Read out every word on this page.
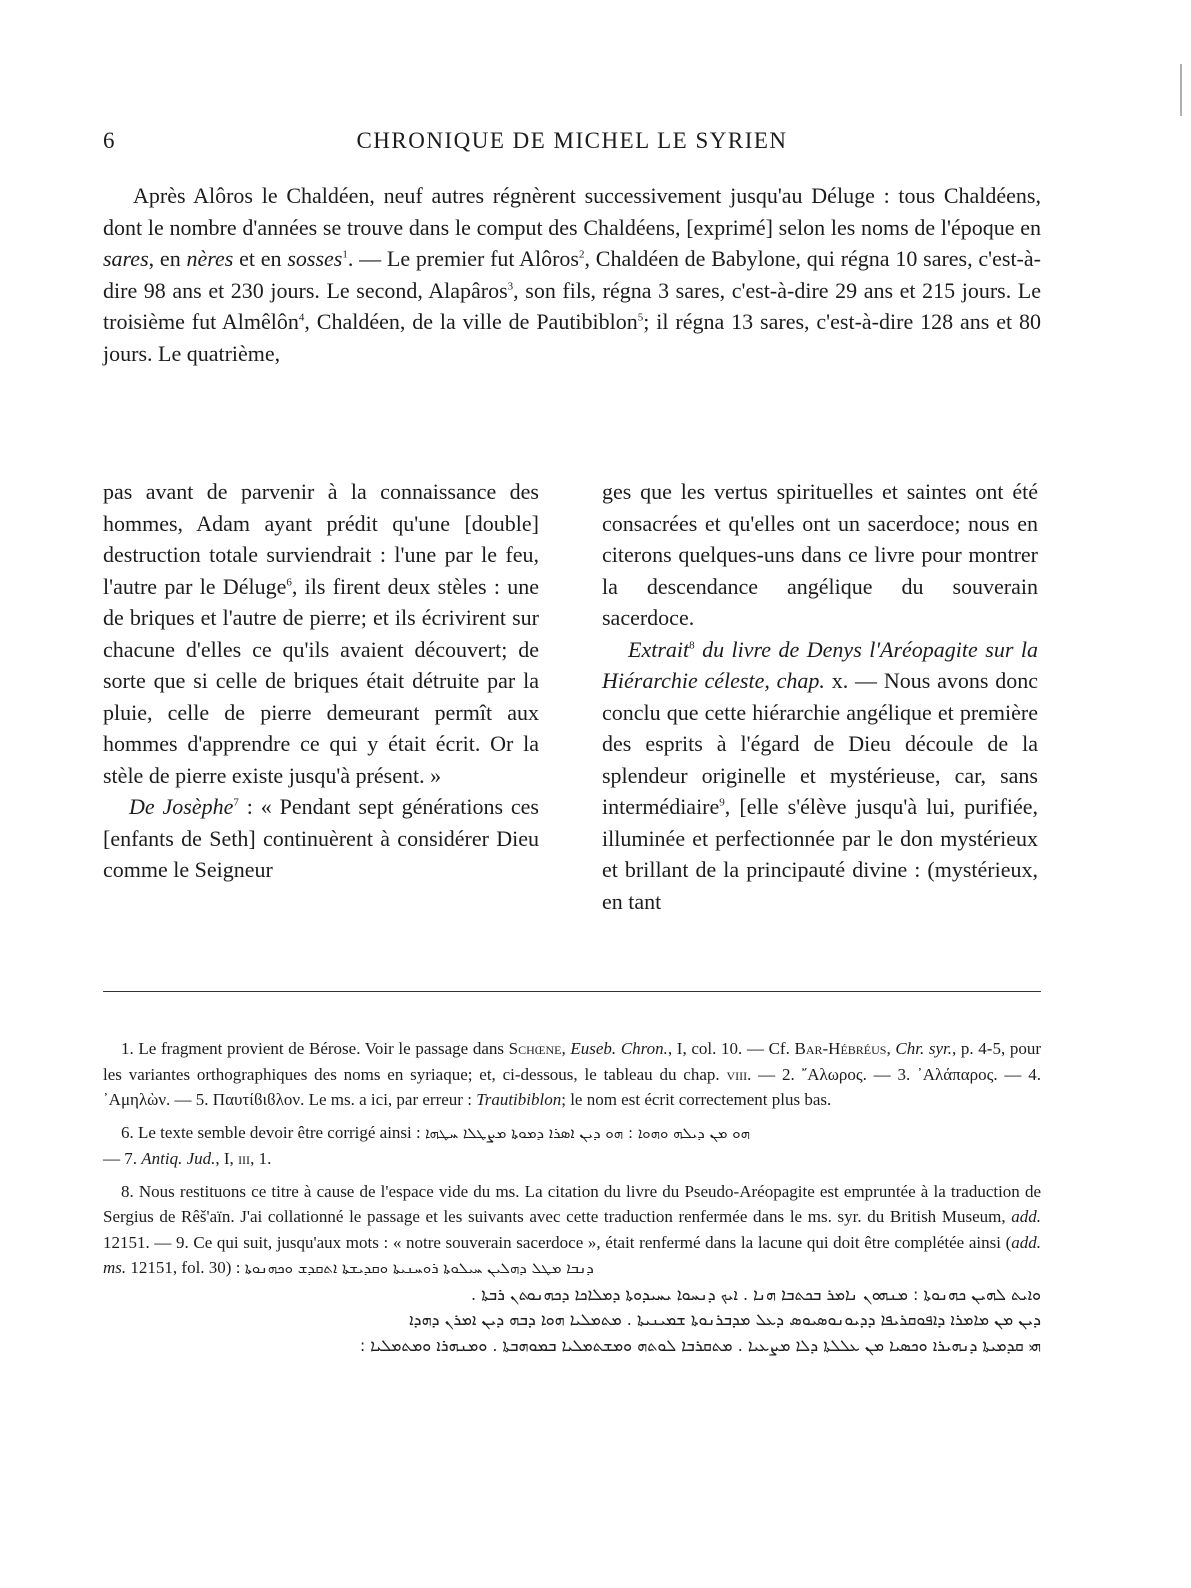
6	CHRONIQUE DE MICHEL LE SYRIEN

Après Alôros le Chaldéen, neuf autres régnèrent successivement jusqu'au Déluge : tous Chaldéens, dont le nombre d'années se trouve dans le comput des Chaldéens, [exprimé] selon les noms de l'époque en sares, en nères et en sosses$^1$. — Le premier fut Alôros$^2$, Chaldéen de Babylone, qui régna 10 sares, c'est-à-dire 98 ans et 230 jours. Le second, Alapâros$^3$, son fils, régna 3 sares, c'est-à-dire 29 ans et 215 jours. Le troisième fut Almêlôn$^4$, Chaldéen, de la ville de Pautibiblon$^5$; il régna 13 sares, c'est-à-dire 128 ans et 80 jours. Le quatrième,

pas avant de parvenir à la connaissance des hommes, Adam ayant prédit qu'une [double] destruction totale surviendrait : l'une par le feu, l'autre par le Déluge$^6$, ils firent deux stèles : une de briques et l'autre de pierre; et ils écrivirent sur chacune d'elles ce qu'ils avaient découvert; de sorte que si celle de briques était détruite par la pluie, celle de pierre demeurant permît aux hommes d'apprendre ce qui y était écrit. Or la stèle de pierre existe jusqu'à présent. »

De Josèphe$^7$ : « Pendant sept générations ces [enfants de Seth] continuèrent à considérer Dieu comme le Seigneur

ges que les vertus spirituelles et saintes ont été consacrées et qu'elles ont un sacerdoce; nous en citerons quelques-uns dans ce livre pour montrer la descendance angélique du souverain sacerdoce.

Extrait$^8$ du livre de Denys l'Aréopagite sur la Hiérarchie céleste, chap. x. — Nous avons donc conclu que cette hiérarchie angélique et première des esprits à l'égard de Dieu découle de la splendeur originelle et mystérieuse, car, sans intermédiaire$^9$, [elle s'élève jusqu'à lui, purifiée, illuminée et perfectionnée par le don mystérieux et brillant de la principauté divine : (mystérieux, en tant

1. Le fragment provient de Bérose. Voir le passage dans Schœne, Euseb. Chron., I, col. 10. — Cf. Bar-Hébréus, Chr. syr., p. 4-5, pour les variantes orthographiques des noms en syriaque; et, ci-dessous, le tableau du chap. viii. — 2. ῎Αλωρος. — 3. ᾿Αλάπαρος. — 4. ᾿Αμηλὼν. — 5. Παυτίϐιϐλον. Le ms. a ici, par erreur : Trautibiblon; le nom est écrit correctement plus bas.

6. Le texte semble devoir être corrigé ainsi : ܗܘ ܡܢ ܕܝܠܗ ܘܗܘܐ : ܗܘ ܕܝܢ ܐܣܪܐ ܕܡܘܬܐ ܡܨܛܠܐ ܚܛܗܐ

— 7. Antiq. Jud., I, iii, 1.

8. Nous restituons ce titre à cause de l'espace vide du ms. La citation du livre du Pseudo-Aréopagite est empruntée à la traduction de Sergius de Rêš'aïn. J'ai collationné le passage et les suivants avec cette traduction renfermée dans le ms. syr. du British Museum, add. 12151. — 9. Ce qui suit, jusqu'aux mots : « notre souverain sacerdoce », était renfermé dans la lacune qui doit être complétée ainsi (add. ms. 12151, fol. 30) : ܕܢܒܐ ܡܛܠ ܕܗܠܝܢ ܚܝܠܘܬܐ ܪܘܚܢܝܬܐ ܘܩܕܝܫܬܐ ܐܬܩܕܫ ܘܟܗܢܘܬܐ

ܘܐܝܬ ܠܗܝܢ ܟܗܢܘܬܐ : ܡܢܗܘܢ ܢܐܡܪ ܒܟܬܒܐ ܗܢܐ . ܐܝܟ ܕܢܚܘܐ ܝܚܝܕܘܬܐ ܕܡܠܐܟܐ ܕܟܗܢܘܬܢ ܪܒܬܐ .

ܕܝܢ ܡܢ ܡܐܡܪܐ ܕܐܦܘܩܪܝܦܐ ܕܕܝܘܢܘܣܝܘܣ ܕܥܠ ܡܕܒܪܢܘܬܐ ܫܡܝܢܝܬܐ . ܡܬܡܠܝܐ ܗܘܐ ܕܒܗ ܕܝܢ ܐܡܪܢ ܕܗܕܐ

ܗܝ ܩܕܡܝܬܐ ܕܢܗܝܪܐ ܘܟܣܝܐ ܡܢ ܥܠܠܬܐ ܕܠܐ ܡܨܥܝܐ . ܡܬܩܪܒܐ ܠܘܬܗ ܘܡܫܬܡܠܝܐ ܒܡܘܗܒܬܐ . ܘܡܢܗܪܐ ܘܡܬܡܠܝܐ :
